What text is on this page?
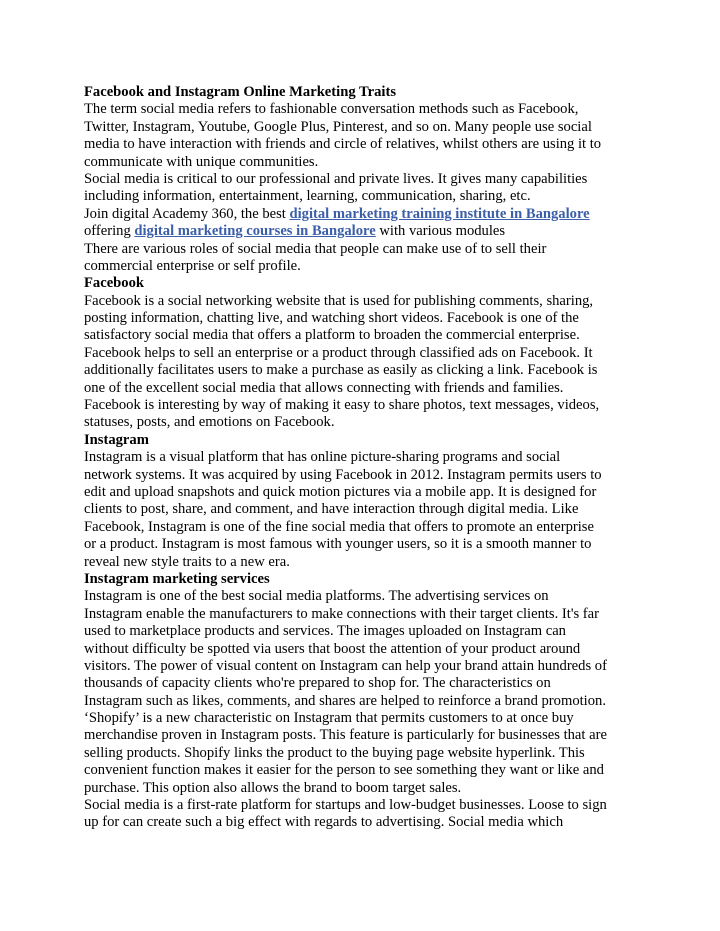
Facebook and Instagram Online Marketing Traits
The term social media refers to fashionable conversation methods such as Facebook,
Twitter, Instagram, Youtube, Google Plus, Pinterest, and so on. Many people use social
media to have interaction with friends and circle of relatives, whilst others are using it to
communicate with unique communities.
Social media is critical to our professional and private lives. It gives many capabilities
including information, entertainment, learning, communication, sharing, etc.
Join digital Academy 360, the best digital marketing training institute in Bangalore
offering digital marketing courses in Bangalore with various modules
There are various roles of social media that people can make use of to sell their
commercial enterprise or self profile.
Facebook
Facebook is a social networking website that is used for publishing comments, sharing,
posting information, chatting live, and watching short videos. Facebook is one of the
satisfactory social media that offers a platform to broaden the commercial enterprise.
Facebook helps to sell an enterprise or a product through classified ads on Facebook. It
additionally facilitates users to make a purchase as easily as clicking a link. Facebook is
one of the excellent social media that allows connecting with friends and families.
Facebook is interesting by way of making it easy to share photos, text messages, videos,
statuses, posts, and emotions on Facebook.
Instagram
Instagram is a visual platform that has online picture-sharing programs and social
network systems. It was acquired by using Facebook in 2012. Instagram permits users to
edit and upload snapshots and quick motion pictures via a mobile app. It is designed for
clients to post, share, and comment, and have interaction through digital media. Like
Facebook, Instagram is one of the fine social media that offers to promote an enterprise
or a product. Instagram is most famous with younger users, so it is a smooth manner to
reveal new style traits to a new era.
Instagram marketing services
Instagram is one of the best social media platforms. The advertising services on
Instagram enable the manufacturers to make connections with their target clients. It's far
used to marketplace products and services. The images uploaded on Instagram can
without difficulty be spotted via users that boost the attention of your product around
visitors. The power of visual content on Instagram can help your brand attain hundreds of
thousands of capacity clients who're prepared to shop for. The characteristics on
Instagram such as likes, comments, and shares are helped to reinforce a brand promotion.
‘Shopify’ is a new characteristic on Instagram that permits customers to at once buy
merchandise proven in Instagram posts. This feature is particularly for businesses that are
selling products. Shopify links the product to the buying page website hyperlink. This
convenient function makes it easier for the person to see something they want or like and
purchase. This option also allows the brand to boom target sales.
Social media is a first-rate platform for startups and low-budget businesses. Loose to sign
up for can create such a big effect with regards to advertising. Social media which
